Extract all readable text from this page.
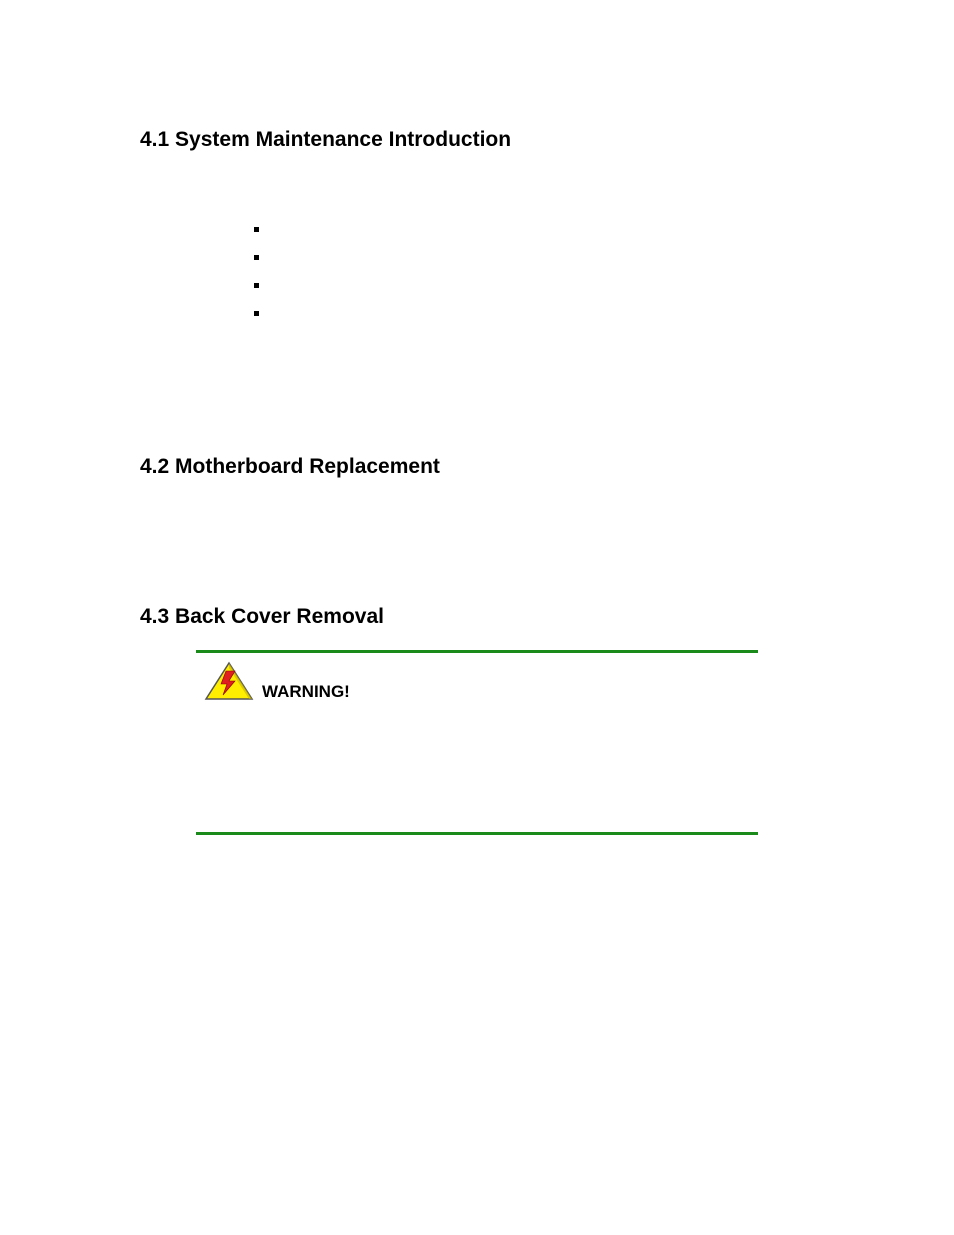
4.1 System Maintenance Introduction
4.2 Motherboard Replacement
4.3 Back Cover Removal
WARNING!
